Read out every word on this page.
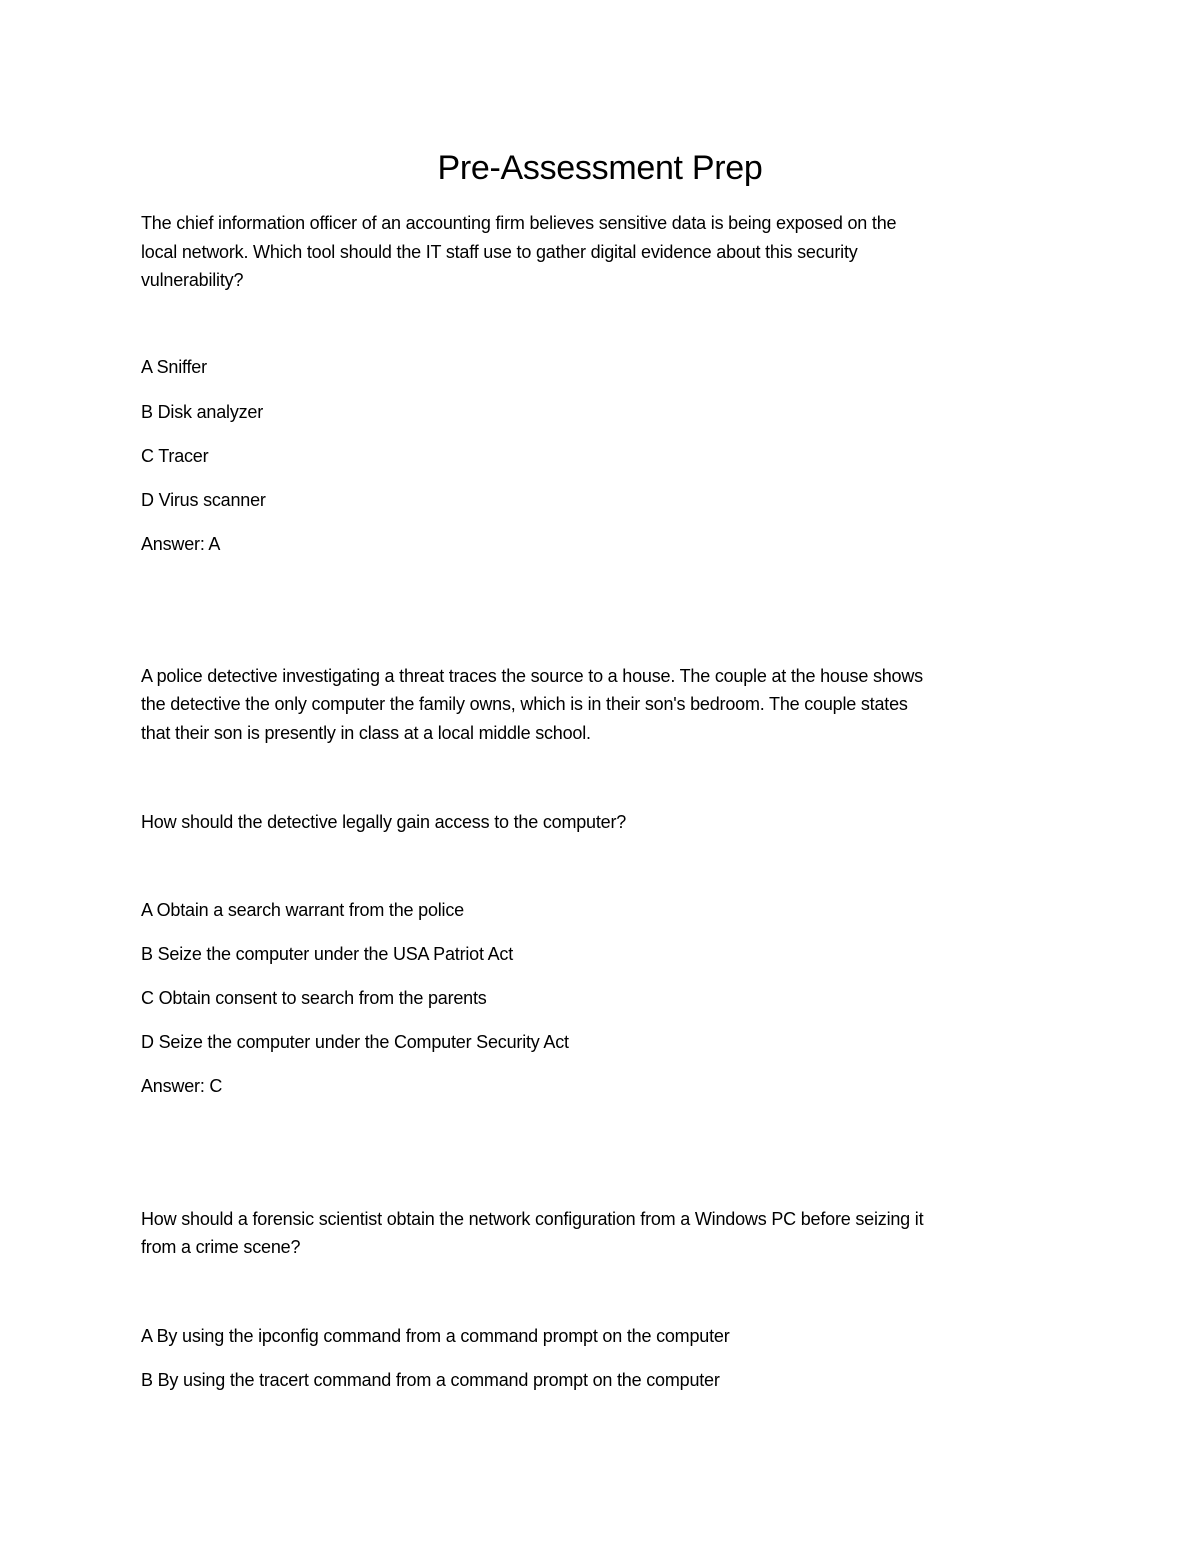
Pre-Assessment Prep

The chief information officer of an accounting firm believes sensitive data is being exposed on the

local network. Which tool should the IT staff use to gather digital evidence about this security

vulnerability?

A Sniffer

B Disk analyzer

C Tracer

D Virus scanner

Answer: A

A police detective investigating a threat traces the source to a house. The couple at the house shows

the detective the only computer the family owns, which is in their son's bedroom. The couple states

that their son is presently in class at a local middle school.

How should the detective legally gain access to the computer?

A Obtain a search warrant from the police

B Seize the computer under the USA Patriot Act

C Obtain consent to search from the parents

D Seize the computer under the Computer Security Act

Answer: C

How should a forensic scientist obtain the network configuration from a Windows PC before seizing it

from a crime scene?

A By using the ipconfig command from a command prompt on the computer

B By using the tracert command from a command prompt on the computer
